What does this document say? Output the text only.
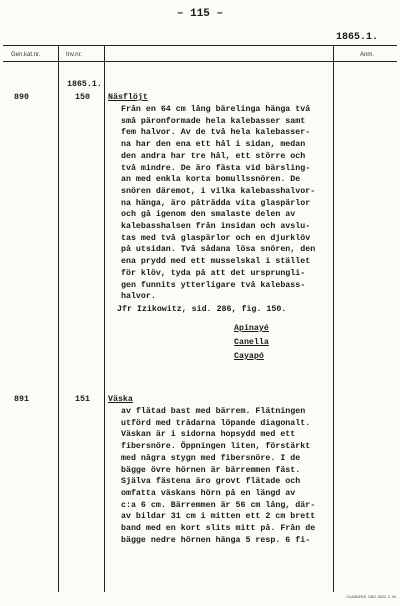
– 115 –
1865.1.
Gen.kat.nr.	Inv.nr.	Anm.
1865.1.
890	150 Näsflöjt
Från en 64 cm lång bärelinga hänga två
små päronformade hela kalebasser samt
fem halvor. Av de två hela kalebasser-
na har den ena ett hål i sidan, medan
den andra har tre hål, ett större och
två mindre. De äro fästa vid bärsling-
an med enkla korta bomullssnören. De
snören däremot, i vilka kalebasshalvor-
na hänga, äro påträdda vita glaspärlor
och gå igenom den smalaste delen av
kalebasshalsen från insidan och avslu-
tas med två glaspärlor och en djurklöv
på utsidan. Två sådana lösa snören, den
ena prydd med ett musselskal i stället
för klöv, tyda på att det ursprungli-
gen funnits ytterligare två kalebass-
halvor.
Jfr Izikowitz, sid. 286, fig. 150.
Apinayé
Canella
Cayapó
891	151 Väska
av flätad bast med bärrem. Flätningen
utförd med trådarna löpande diagonalt.
Väskan är i sidorna hopsydd med ett
fibersnöre. Öppningen liten, förstärkt
med några stygn med fibersnöre. I de
bägge övre hörnen är bärremmen fäst.
Själva fästena äro grovt flätade och
omfatta väskans hörn på en längd av
c:a 6 cm. Bärremmen är 56 cm lång, där-
av bildar 31 cm i mitten ett 2 cm brett
band med en kort slits mitt på. Från de
bägge nedre hörnen hänga 5 resp. 6 fi-
CLANDERS. GBG. 6522. 2. 54.
